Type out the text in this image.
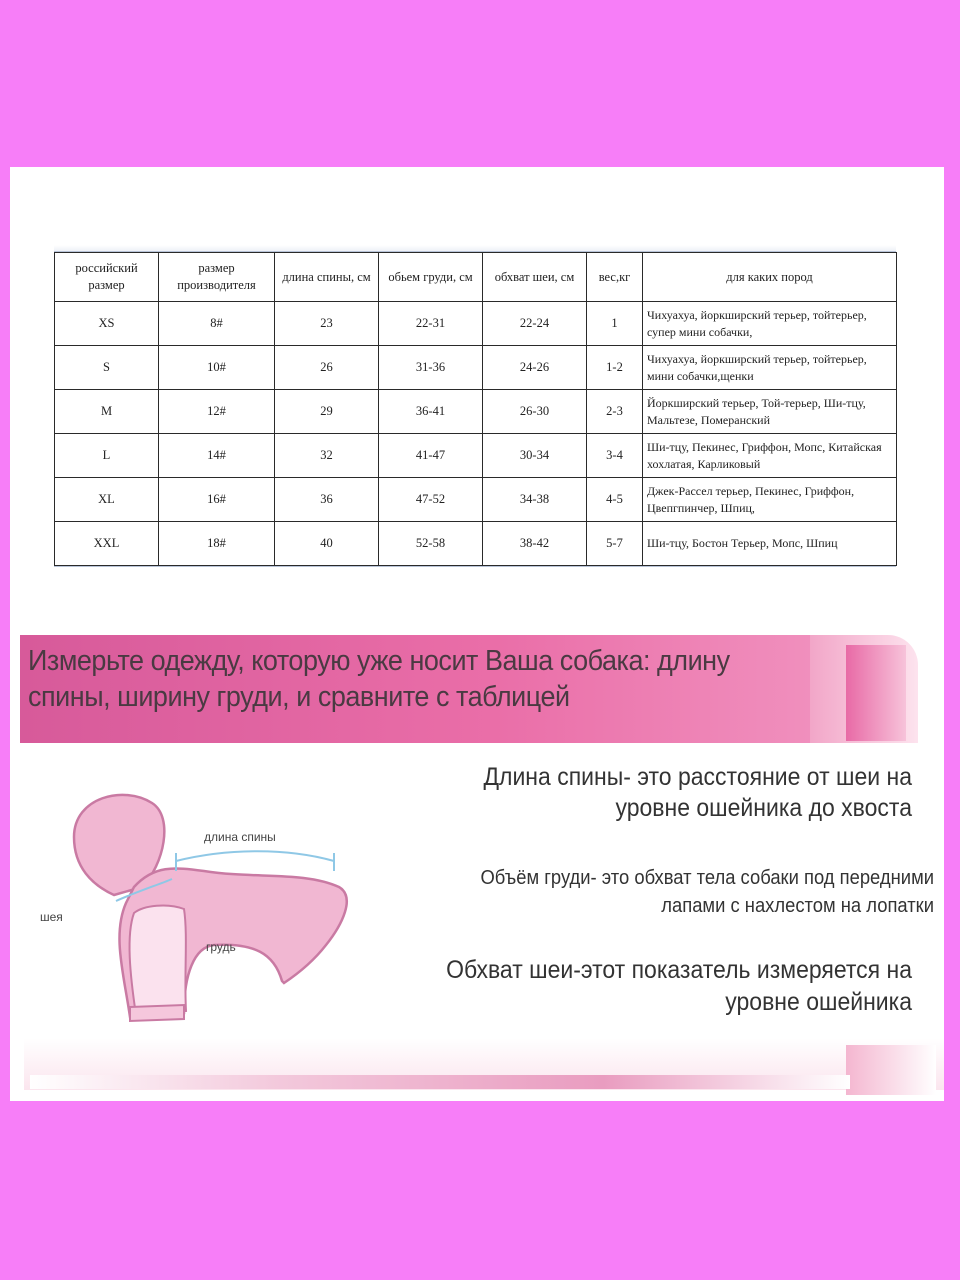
российский размер	размер производителя	длина спины, см	обьем груди, см	обхват шеи, см	вес,кг	для каких пород
XS	8#	23	22-31	22-24	1	Чихуахуа, йоркширский терьер, тойтерьер, супер мини собачки,
S	10#	26	31-36	24-26	1-2	Чихуахуа, йоркширский терьер, тойтерьер, мини собачки,щенки
M	12#	29	36-41	26-30	2-3	Йоркширский терьер, Той-терьер, Ши-тцу, Мальтезе, Померанский
L	14#	32	41-47	30-34	3-4	Ши-тцу, Пекинес, Гриффон, Мопс, Китайская хохлатая, Карликовый
XL	16#	36	47-52	34-38	4-5	Джек-Рассел терьер, Пекинес, Гриффон, Цвепгпинчер, Шпиц,
XXL	18#	40	52-58	38-42	5-7	Ши-тцу, Бостон Терьер, Мопс, Шпиц
Измерьте одежду, которую уже носит Ваша собака: длину спины, ширину груди, и сравните с таблицей
длина спины
шея
грудь
Длина спины- это расстояние от шеи на уровне ошейника до хвоста
Объём груди- это обхват тела собаки под передними лапами с нахлестом на лопатки
Обхват шеи-этот показатель измеряется на уровне ошейника
